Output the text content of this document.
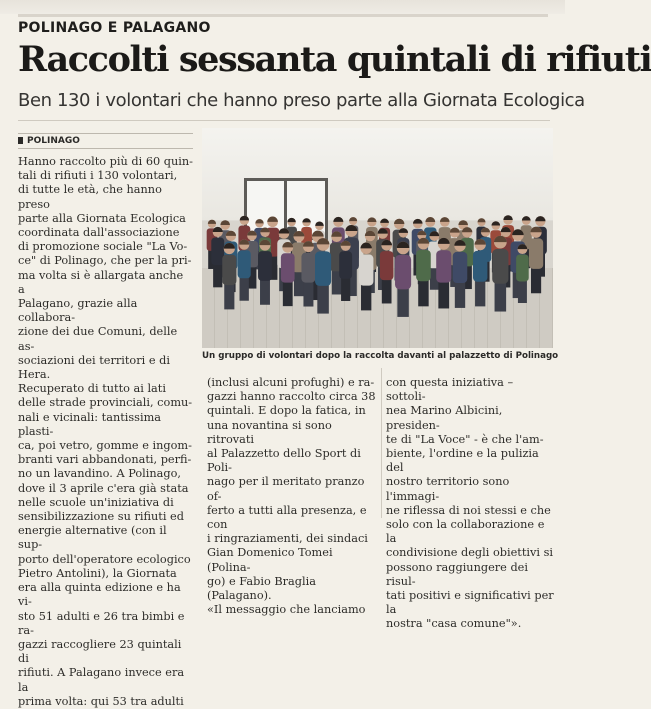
POLINAGO E PALAGANO
Raccolti sessanta quintali di rifiuti
Ben 130 i volontari che hanno preso parte alla Giornata Ecologica
POLINAGO

Hanno raccolto più di 60 quin-

tali di rifiuti i 130 volontari,

di tutte le età, che hanno preso

parte alla Giornata Ecologica

coordinata dall'associazione

di promozione sociale "La Vo-

ce" di Polinago, che per la pri-

ma volta si è allargata anche a

Palagano, grazie alla collabora-

zione dei due Comuni, delle as-

sociazioni dei territori e di Hera.

Recuperato di tutto ai lati

delle strade provinciali, comu-

nali e vicinali: tantissima plasti-

ca, poi vetro, gomme e ingom-

branti vari abbandonati, perfi-

no un lavandino. A Polinago,

dove il 3 aprile c'era già stata

nelle scuole un'iniziativa di

sensibilizzazione su rifiuti ed

energie alternative (con il sup-

porto dell'operatore ecologico

Pietro Antolini), la Giornata

era alla quinta edizione e ha vi-

sto 51 adulti e 26 tra bimbi e ra-

gazzi raccogliere 23 quintali di

rifiuti. A Palagano invece era la

prima volta: qui 53 tra adulti

Un gruppo di volontari dopo la raccolta davanti al palazzetto di Polinago

(inclusi alcuni profughi) e ra-

gazzi hanno raccolto circa 38

quintali. E dopo la fatica, in

una novantina si sono ritrovati

al Palazzetto dello Sport di Poli-

nago per il meritato pranzo of-

ferto a tutti alla presenza, e con

i ringraziamenti, dei sindaci

Gian Domenico Tomei (Polina-

go) e Fabio Braglia (Palagano).

«Il messaggio che lanciamo

con questa iniziativa – sottoli-

nea Marino Albicini, presiden-

te di "La Voce" - è che l'am-

biente, l'ordine e la pulizia del

nostro territorio sono l'immagi-

ne riflessa di noi stessi e che

solo con la collaborazione e la

condivisione degli obiettivi si

possono raggiungere dei risul-

tati positivi e significativi per la

nostra "casa comune"».
